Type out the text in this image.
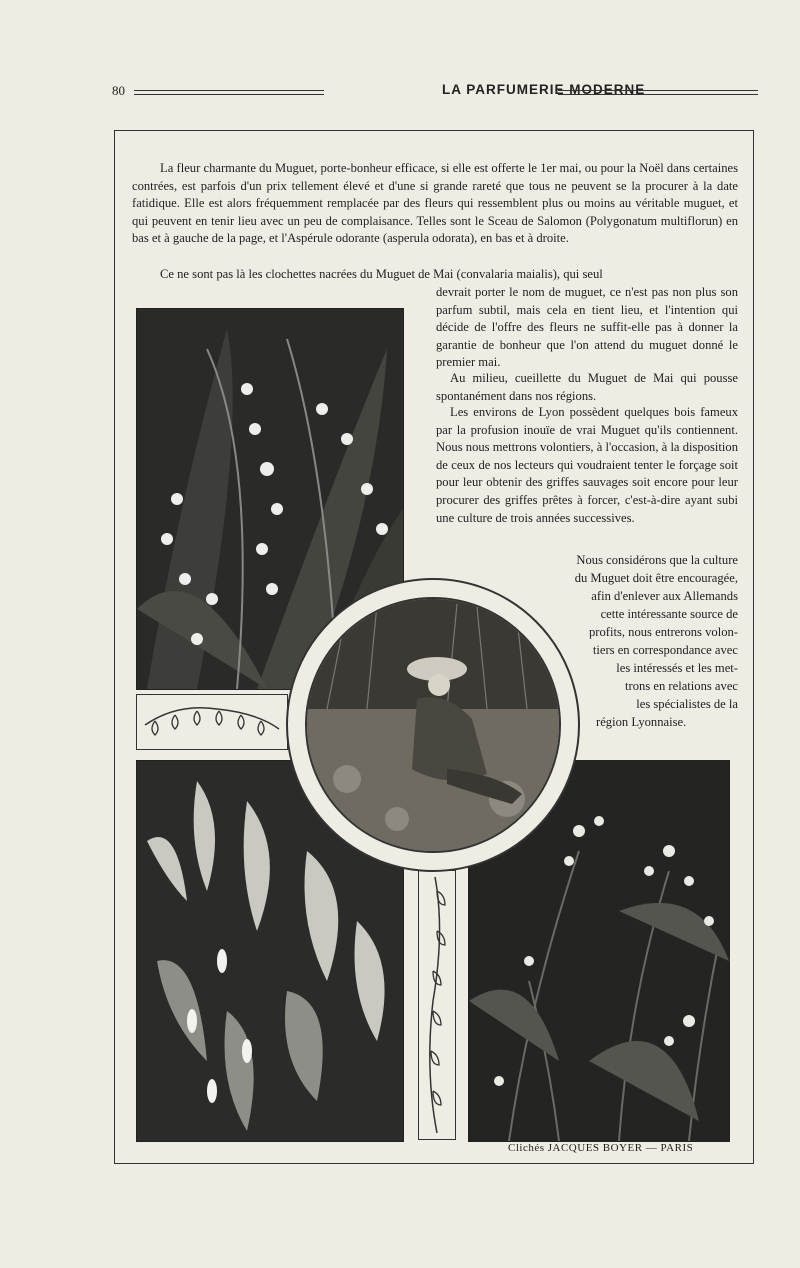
80	LA PARFUMERIE MODERNE

La fleur charmante du Muguet, porte-bonheur efficace, si elle est offerte le 1er mai, ou pour la Noël dans certaines contrées, est parfois d'un prix tellement élevé et d'une si grande rareté que tous ne peuvent se la procurer à la date fatidique. Elle est alors fréquemment remplacée par des fleurs qui ressemblent plus ou moins au véritable muguet, et qui peuvent en tenir lieu avec un peu de complaisance. Telles sont le Sceau de Salomon (Polygonatum multiflorun) en bas et à gauche de la page, et l'Aspérule odorante (asperula odorata), en bas et à droite.

Ce ne sont pas là les clochettes nacrées du Muguet de Mai (convalaria maialis), qui seul

devrait porter le nom de muguet, ce n'est pas non plus son parfum subtil, mais cela en tient lieu, et l'intention qui décide de l'offre des fleurs ne suffit-elle pas à donner la garantie de bonheur que l'on attend du muguet donné le premier mai.

Au milieu, cueillette du Muguet de Mai qui pousse spontanément dans nos régions.

Les environs de Lyon possèdent quelques bois fameux par la profusion inouïe de vrai Muguet qu'ils contiennent. Nous nous mettrons volontiers, à l'occasion, à la disposition de ceux de nos lecteurs qui voudraient tenter le forçage soit pour leur obtenir des griffes sauvages soit encore pour leur procurer des griffes prêtes à forcer, c'est-à-dire ayant subi une culture de trois années successives.

Nous considérons que la culture
du Muguet doit être encouragée,
afin d'enlever aux Allemands
cette intéressante source de
profits, nous entrerons volon-
tiers en correspondance avec
les intéressés et les met-
trons en relations avec
les spécialistes de la
région Lyonnaise.
Clichés JACQUES BOYER — PARIS
